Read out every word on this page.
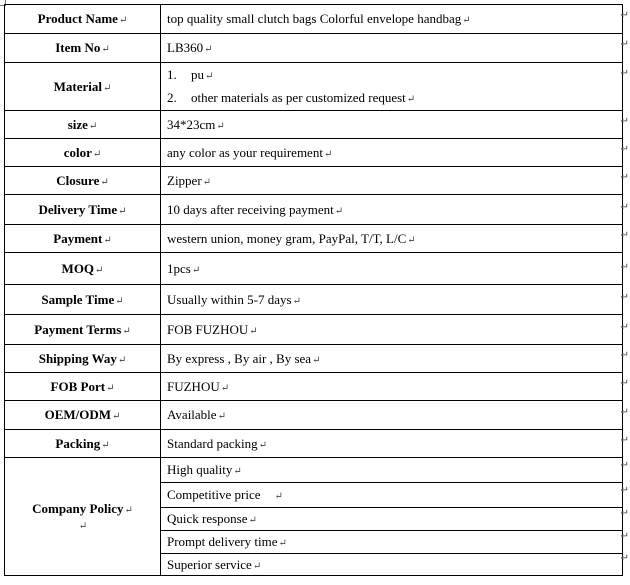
Product Name↵	top quality small clutch bags Colorful envelope handbag↵
Item No↵	LB360↵
Material↵	1. pu↵
2. other materials as per customized request↵

size↵	34*23cm↵
color↵	any color as your requirement↵
Closure↵	Zipper↵
Delivery Time↵	10 days after receiving payment↵
Payment↵	western union, money gram, PayPal, T/T, L/C↵
MOQ↵	1pcs↵
Sample Time↵	Usually within 5-7 days↵
Payment Terms↵	FOB FUZHOU↵
Shipping Way↵	By express , By air , By sea↵
FOB Port↵	FUZHOU↵
OEM/ODM↵	Available↵
Packing↵	Standard packing↵
Company Policy↵
↵	High quality↵
	Competitive price ↵
	Quick response↵
	Prompt delivery time↵
	Superior service↵
↵
↵
↵
↵
↵
↵
↵
↵
↵
↵
↵
↵
↵
↵
↵
↵
↵
↵
↵
↵
